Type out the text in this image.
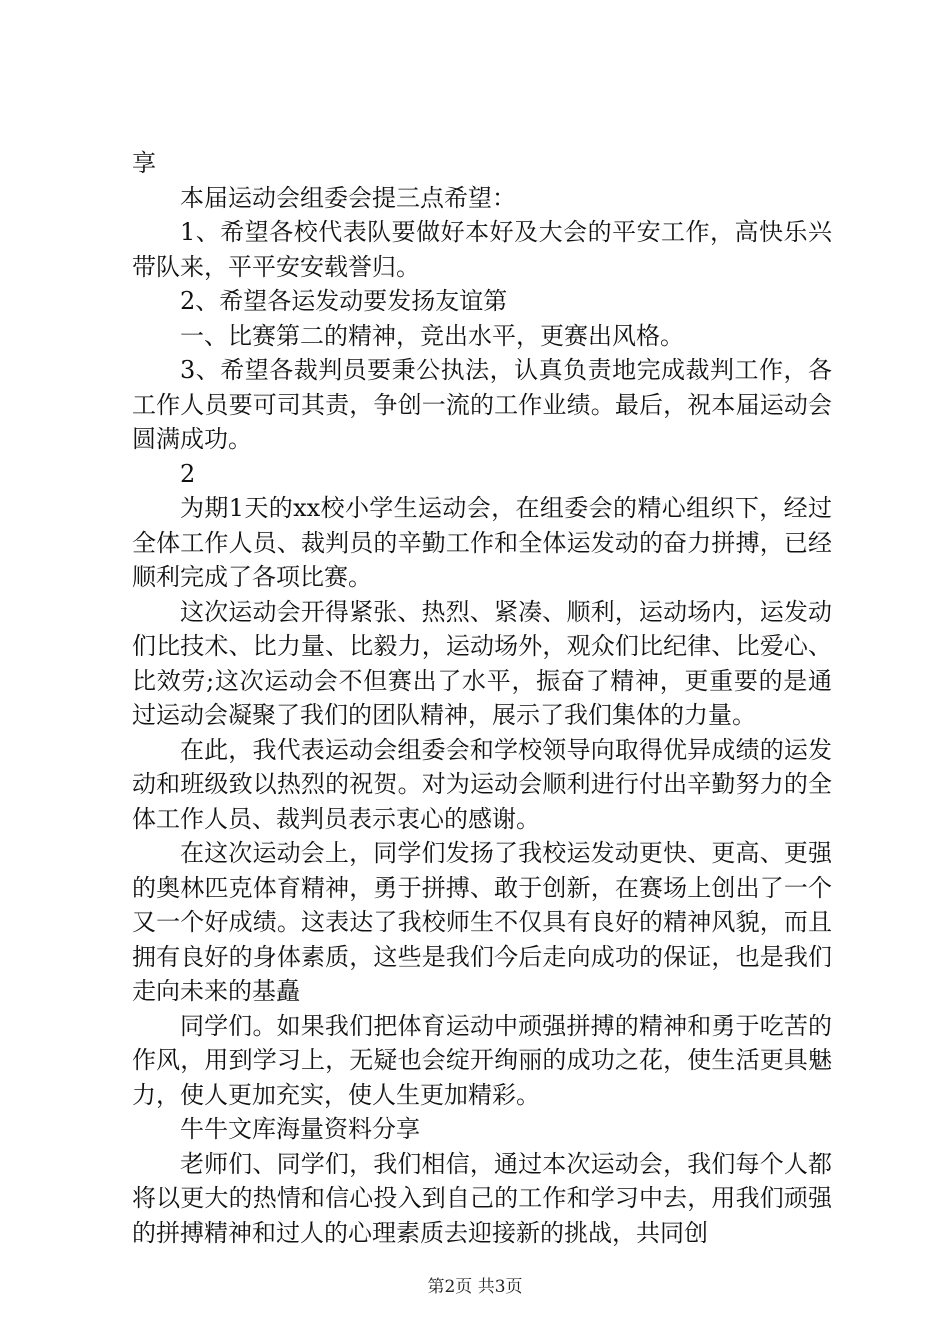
享

本届运动会组委会提三点希望：

1、希望各校代表队要做好本好及大会的平安工作，高快乐兴带队来，平平安安载誉归。

2、希望各运发动要发扬友谊第

一、比赛第二的精神，竞出水平，更赛出风格。

3、希望各裁判员要秉公执法，认真负责地完成裁判工作，各工作人员要可司其责，争创一流的工作业绩。最后，祝本届运动会圆满成功。

2

为期1天的xx校小学生运动会，在组委会的精心组织下，经过全体工作人员、裁判员的辛勤工作和全体运发动的奋力拼搏，已经顺利完成了各项比赛。

这次运动会开得紧张、热烈、紧凑、顺利，运动场内，运发动们比技术、比力量、比毅力，运动场外，观众们比纪律、比爱心、比效劳;这次运动会不但赛出了水平，振奋了精神，更重要的是通过运动会凝聚了我们的团队精神，展示了我们集体的力量。

在此，我代表运动会组委会和学校领导向取得优异成绩的运发动和班级致以热烈的祝贺。对为运动会顺利进行付出辛勤努力的全体工作人员、裁判员表示衷心的感谢。

在这次运动会上，同学们发扬了我校运发动更快、更高、更强的奥林匹克体育精神，勇于拼搏、敢于创新，在赛场上创出了一个又一个好成绩。这表达了我校师生不仅具有良好的精神风貌，而且拥有良好的身体素质，这些是我们今后走向成功的保证，也是我们走向未来的基矗

同学们。如果我们把体育运动中顽强拼搏的精神和勇于吃苦的作风，用到学习上，无疑也会绽开绚丽的成功之花，使生活更具魅力，使人更加充实，使人生更加精彩。

牛牛文库海量资料分享

老师们、同学们，我们相信，通过本次运动会，我们每个人都将以更大的热情和信心投入到自己的工作和学习中去，用我们顽强的拼搏精神和过人的心理素质去迎接新的挑战，共同创

第2页 共3页
